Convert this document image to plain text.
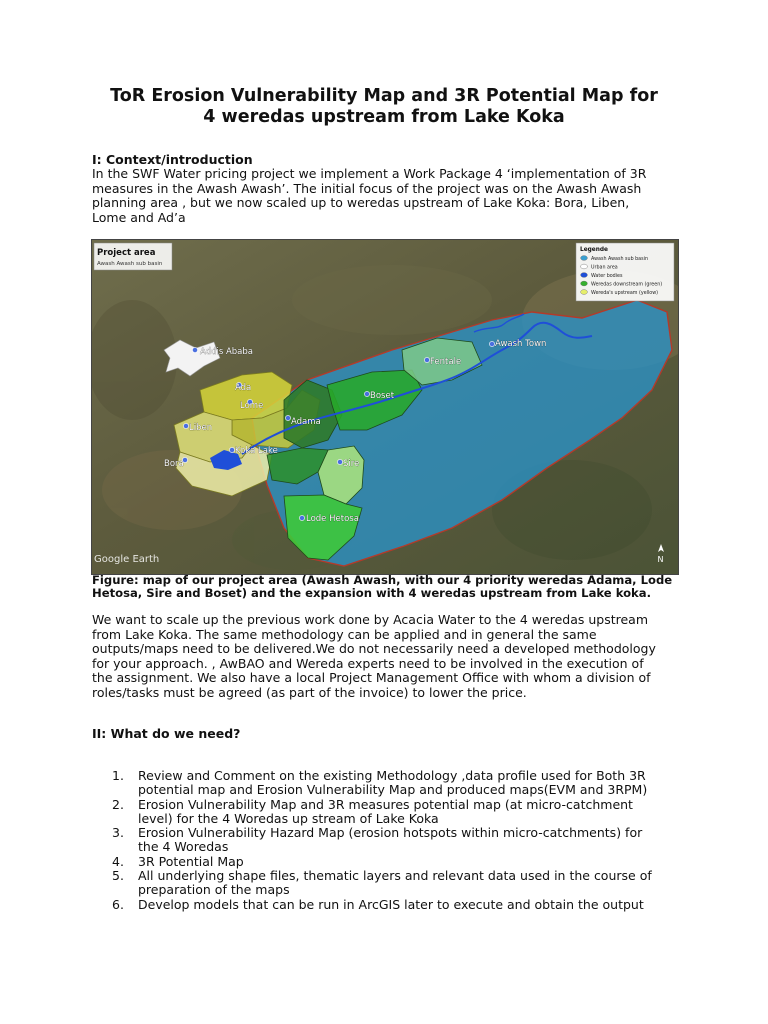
ToR Erosion Vulnerability Map and 3R Potential Map for
4 weredas upstream from Lake Koka
I: Context/introduction

In the SWF Water pricing project we implement a Work Package 4 ‘implementation of 3R
measures in the Awash Awash’. The initial focus of the project was on the Awash Awash
planning area , but we now scaled up to weredas upstream of Lake Koka: Bora, Liben,
Lome and Ad’a

Addis Ababa
Ada
Lome
Liben
Bora
Adama
Koka Lake
Boset
Fentale
Awash Town
Sire
Lode Hetosa
Project area
Awash Awash sub basin
Legende
Awash Awash sub basin
Urban area
Water bodies
Weredas downstream (green)
Wereda's upstream (yellow)
Google Earth	N

Figure: map of our project area (Awash Awash, with our 4 priority weredas Adama, Lode
Hetosa, Sire and Boset) and the expansion with 4 weredas upstream from Lake koka.

We want to scale up the previous work done by Acacia Water to the 4 weredas upstream
from Lake Koka. The same methodology can be applied and in general the same
outputs/maps need to be delivered.We do not necessarily need a developed methodology
for your approach. , AwBAO and Wereda experts need to be involved in the execution of
the assignment. We also have a local Project Management Office with whom a division of
roles/tasks must be agreed (as part of the invoice) to lower the price.

II: What do we need?
1. Review and Comment on the existing Methodology ,data profile used for Both 3R
potential map and Erosion Vulnerability Map and produced maps(EVM and 3RPM)
2. Erosion Vulnerability Map and 3R measures potential map (at micro-catchment
level) for the 4 Woredas up stream of Lake Koka
3. Erosion Vulnerability Hazard Map (erosion hotspots within micro-catchments) for
the 4 Woredas
4. 3R Potential Map
5. All underlying shape files, thematic layers and relevant data used in the course of
preparation of the maps
6. Develop models that can be run in ArcGIS later to execute and obtain the output
